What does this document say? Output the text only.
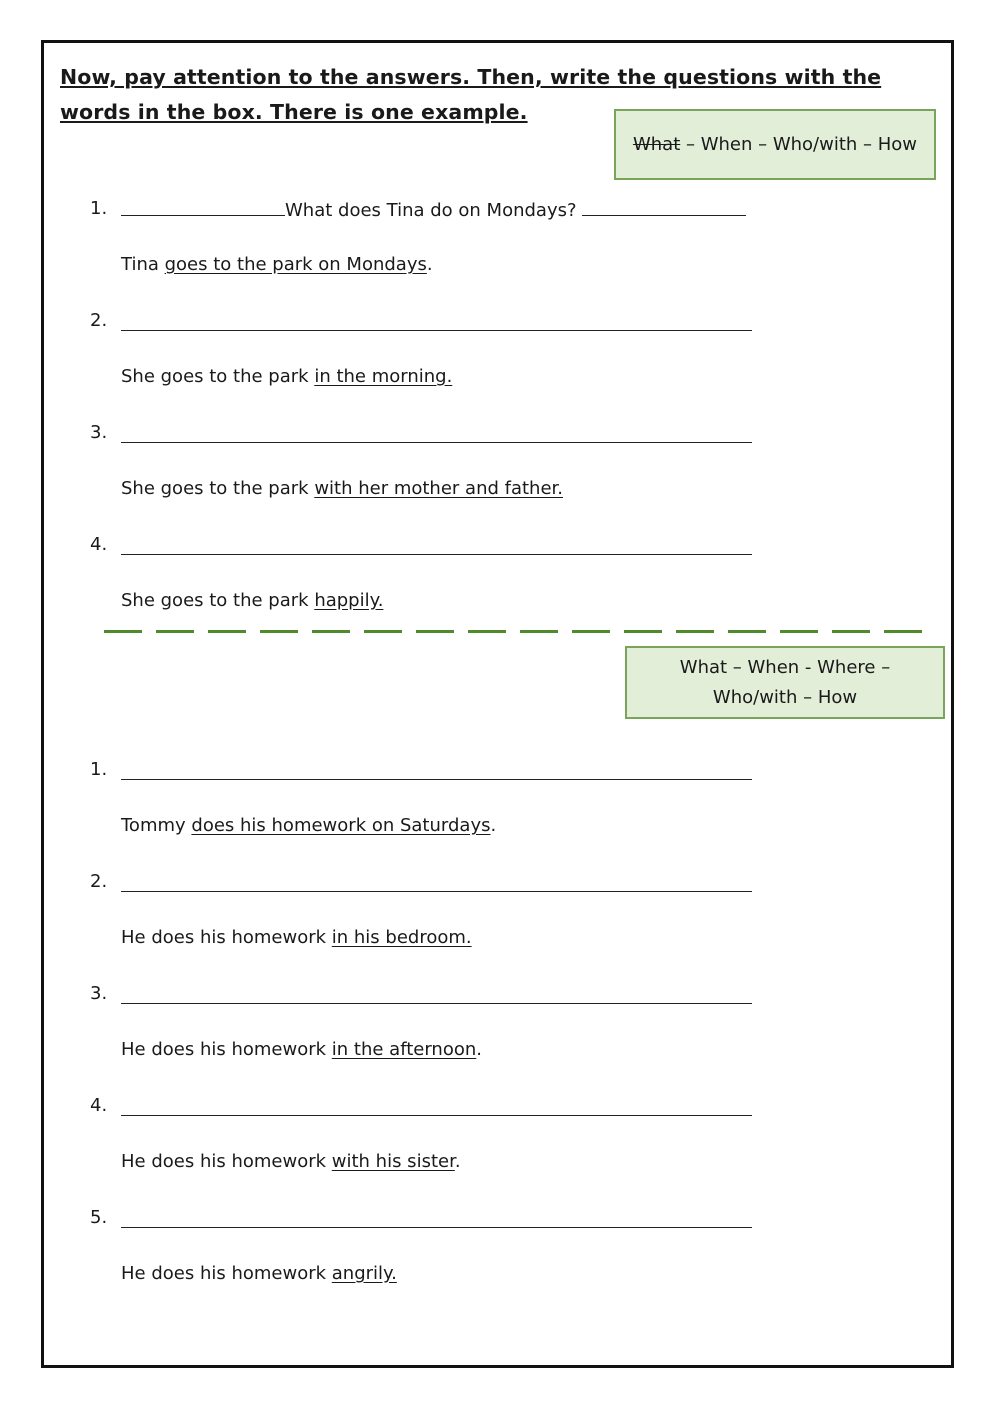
Now, pay attention to the answers. Then, write the questions with the words in the box. There is one example.
What – When – Who/with – How
1.	What does Tina do on Mondays?
Tina goes to the park on Mondays.
2.
She goes to the park in the morning.
3.
She goes to the park with her mother and father.
4.
She goes to the park happily.
What – When - Where – Who/with – How
1.
Tommy does his homework on Saturdays.
2.
He does his homework in his bedroom.
3.
He does his homework in the afternoon.
4.
He does his homework with his sister.
5.
He does his homework angrily.
